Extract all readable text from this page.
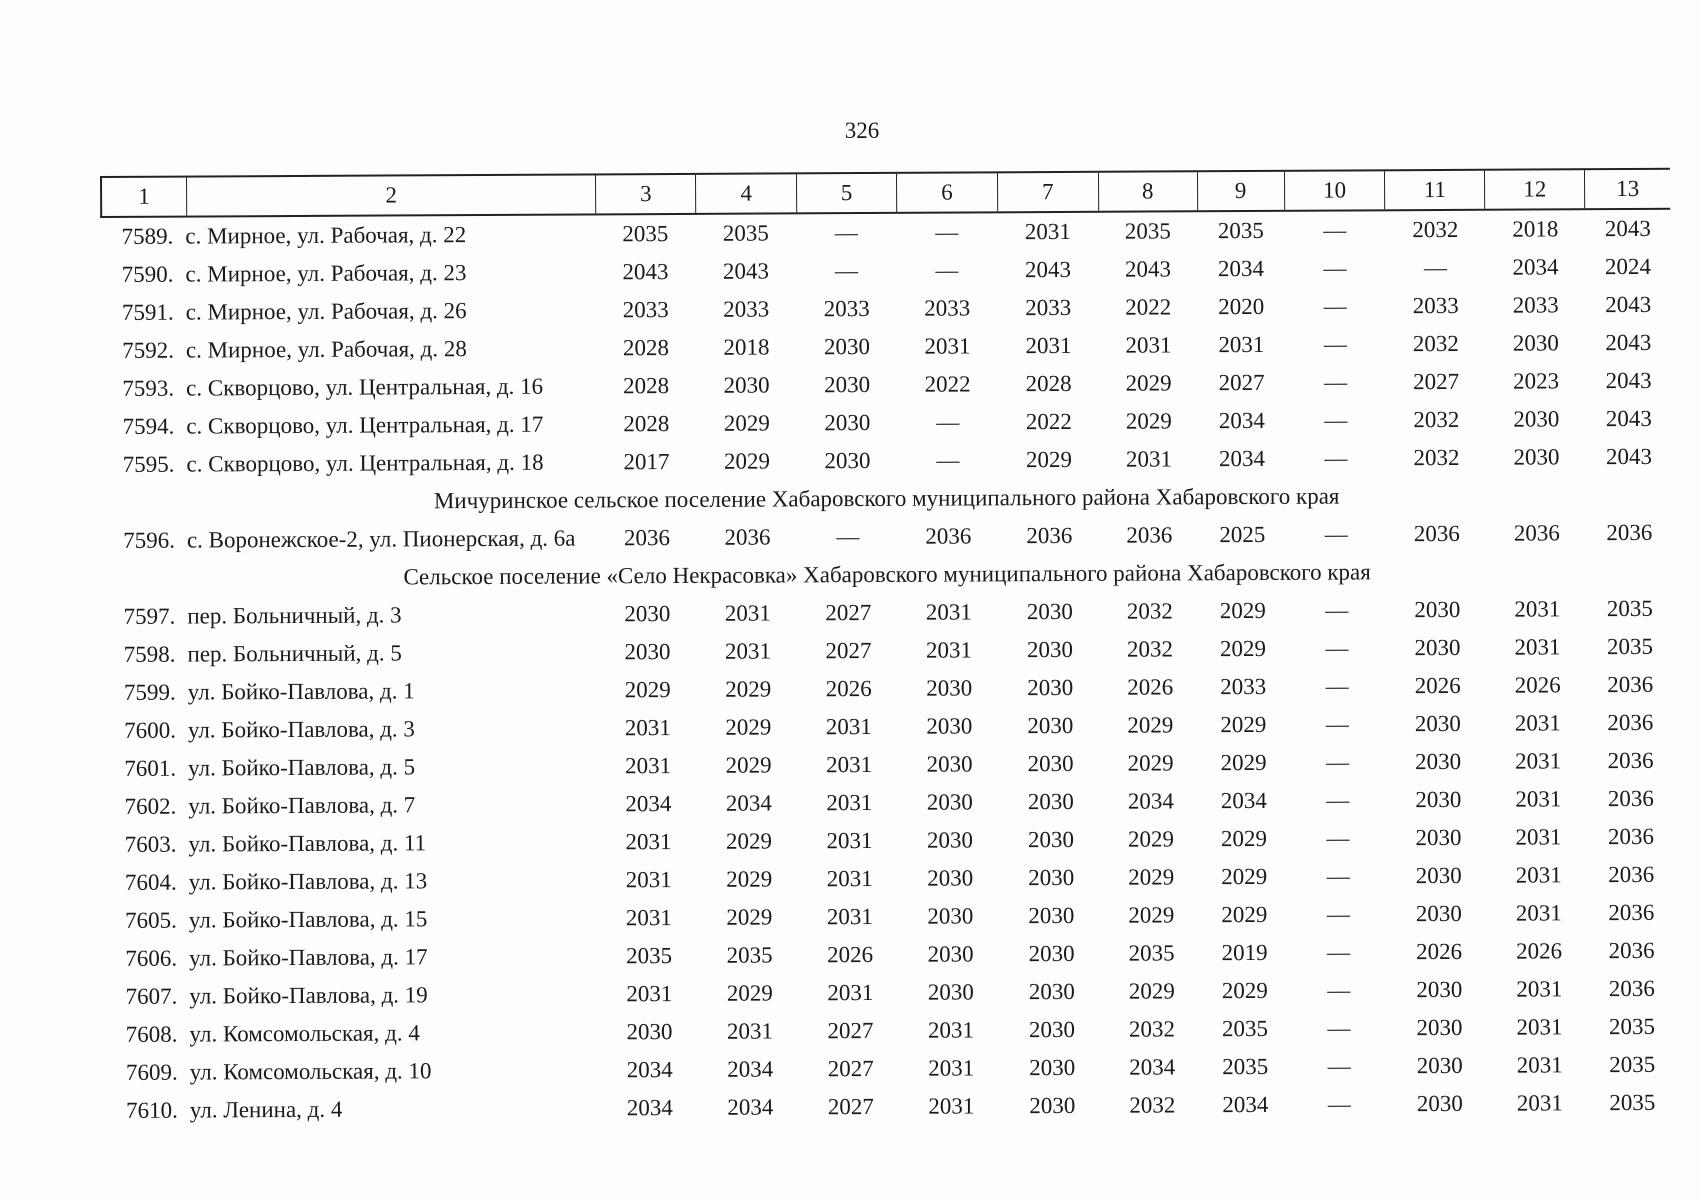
326
1	2	3	4	5	6	7	8	9	10	11	12	13
7589. с. Мирное, ул. Рабочая, д. 22	2035	2035	—	—	2031	2035	2035	—	2032	2018	2043
7590. с. Мирное, ул. Рабочая, д. 23	2043	2043	—	—	2043	2043	2034	—	—	2034	2024
7591. с. Мирное, ул. Рабочая, д. 26	2033	2033	2033	2033	2033	2022	2020	—	2033	2033	2043
7592. с. Мирное, ул. Рабочая, д. 28	2028	2018	2030	2031	2031	2031	2031	—	2032	2030	2043
7593. с. Скворцово, ул. Центральная, д. 16	2028	2030	2030	2022	2028	2029	2027	—	2027	2023	2043
7594. с. Скворцово, ул. Центральная, д. 17	2028	2029	2030	—	2022	2029	2034	—	2032	2030	2043
7595. с. Скворцово, ул. Центральная, д. 18	2017	2029	2030	—	2029	2031	2034	—	2032	2030	2043
Мичуринское сельское поселение Хабаровского муниципального района Хабаровского края
7596. с. Воронежское-2, ул. Пионерская, д. 6а	2036	2036	—	2036	2036	2036	2025	—	2036	2036	2036
Сельское поселение «Село Некрасовка» Хабаровского муниципального района Хабаровского края
7597. пер. Больничный, д. 3	2030	2031	2027	2031	2030	2032	2029	—	2030	2031	2035
7598. пер. Больничный, д. 5	2030	2031	2027	2031	2030	2032	2029	—	2030	2031	2035
7599. ул. Бойко-Павлова, д. 1	2029	2029	2026	2030	2030	2026	2033	—	2026	2026	2036
7600. ул. Бойко-Павлова, д. 3	2031	2029	2031	2030	2030	2029	2029	—	2030	2031	2036
7601. ул. Бойко-Павлова, д. 5	2031	2029	2031	2030	2030	2029	2029	—	2030	2031	2036
7602. ул. Бойко-Павлова, д. 7	2034	2034	2031	2030	2030	2034	2034	—	2030	2031	2036
7603. ул. Бойко-Павлова, д. 11	2031	2029	2031	2030	2030	2029	2029	—	2030	2031	2036
7604. ул. Бойко-Павлова, д. 13	2031	2029	2031	2030	2030	2029	2029	—	2030	2031	2036
7605. ул. Бойко-Павлова, д. 15	2031	2029	2031	2030	2030	2029	2029	—	2030	2031	2036
7606. ул. Бойко-Павлова, д. 17	2035	2035	2026	2030	2030	2035	2019	—	2026	2026	2036
7607. ул. Бойко-Павлова, д. 19	2031	2029	2031	2030	2030	2029	2029	—	2030	2031	2036
7608. ул. Комсомольская, д. 4	2030	2031	2027	2031	2030	2032	2035	—	2030	2031	2035
7609. ул. Комсомольская, д. 10	2034	2034	2027	2031	2030	2034	2035	—	2030	2031	2035
7610. ул. Ленина, д. 4	2034	2034	2027	2031	2030	2032	2034	—	2030	2031	2035
